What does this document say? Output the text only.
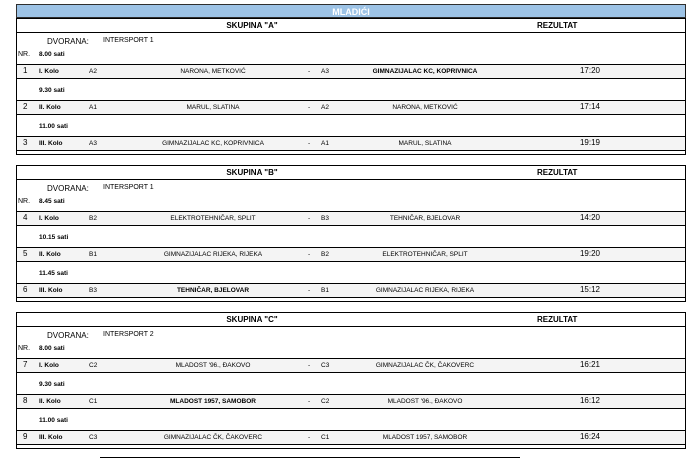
MLADIĆI
SKUPINA "A"	REZULTAT
DVORANA: INTERSPORT 1
NR. 8.00 sati
1 I. Kolo	A2	NARONA, METKOVIĆ	- A3	GIMNAZIJALAC KC, KOPRIVNICA	17:20
9.30 sati
2 II. Kolo	A1	MARUL, SLATINA	- A2	NARONA, METKOVIĆ	17:14
11.00 sati
3 III. Kolo	A3	GIMNAZIJALAC KC, KOPRIVNICA	- A1	MARUL, SLATINA	19:19
SKUPINA "B"	REZULTAT
DVORANA: INTERSPORT 1
NR. 8.45 sati
4 I. Kolo	B2	ELEKTROTEHNIČAR, SPLIT	- B3	TEHNIČAR, BJELOVAR	14:20
10.15 sati
5 II. Kolo	B1	GIMNAZIJALAC RIJEKA, RIJEKA	- B2	ELEKTROTEHNIČAR, SPLIT	19:20
11.45 sati
6 III. Kolo	B3	TEHNIČAR, BJELOVAR	- B1	GIMNAZIJALAC RIJEKA, RIJEKA	15:12
SKUPINA "C"	REZULTAT
DVORANA: INTERSPORT 2
NR. 8.00 sati
7 I. Kolo	C2	MLADOST '96., ĐAKOVO	- C3	GIMNAZIJALAC ČK, ČAKOVERC	16:21
9.30 sati
8 II. Kolo	C1	MLADOST 1957, SAMOBOR	- C2	MLADOST '96., ĐAKOVO	16:12
11.00 sati
9 III. Kolo	C3	GIMNAZIJALAC ČK, ČAKOVERC	- C1	MLADOST 1957, SAMOBOR	16:24
